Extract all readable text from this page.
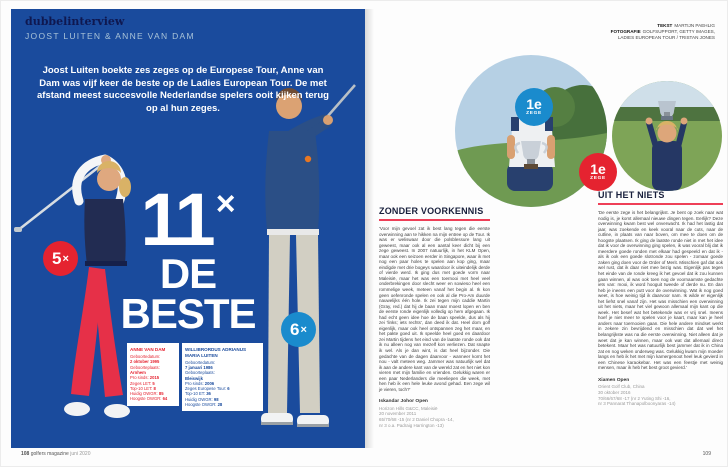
dubbelinterview
JOOST LUITEN & ANNE VAN DAM
Joost Luiten boekte zes zeges op de Europese Tour, Anne van Dam was vijf keer de beste op de Ladies European Tour. De met afstand meest succesvolle Nederlandse spelers ooit kijken terug op al hun zeges.
11×
DE
BESTE
5 ×
6 ×
ANNE VAN DAM
Geboortedatum:
2 oktober 1995
Geboorteplaats:
Arnhem
Pro sinds: 2015
Zeges LET: 5
Top-10 LET: 8
Huidig OWGR: 85
Hoogste OWGR: 64
WILLIBRORDUS ADRIANUS MARIA LUITEN
Geboortedatum:
7 januari 1986
Geboorteplaats:
Bleiswijk
Pro sinds: 2006
Zeges Europese Tour: 6
Top-10 ET: 36
Huidig OWGR: 98
Hoogste OWGR: 28
TEKST MARTIJN PAEHLIG
FOTOGRAFIE GOLFSUPPORT, GETTY IMAGES,
LADIES EUROPEAN TOUR / TRISTAN JONES
1e
ZEGE
1e
ZEGE
ZONDER VOORKENNIS
'Voor mijn gevoel zat ik best lang tegen die eerste overwinning aan te hikken na mijn entree op de Tour. Ik was er weliswaar door die polsblessure lang uit geweest, maar ook al een aantal keer dicht bij een zege geweest. In 2007 natuurlijk, in het KLM Open, maar ook een seizoen eerder in Singapore, waar ik met nog een paar holes te spelen aan kop ging, maar eindigde met drie bogeys waardoor ik uiteindelijk derde of vierde werd. Ik ging dus met goede vorm naar Maleisië, maar het was een toernooi met heel veel onderbrekingen door slecht weer en sowieso heel een rommelige week, meteen vanaf het begin al. Ik kon geen oefenronde spelen en ook al die Pro-Am duurde nauwelijks één hole. Ik zei tegen mijn caddie Martin (Gray, red.) dat hij de baan maar moest lopen en ben de eerste ronde eigenlijk volledig op hem afgegaan. Ik had echt geen idee hoe de baan speelde, dus als hij zei 'links; iets rechts', dan deed ik dat. Heel dom golf eigenlijk, maar ook heel ontspannen zeg het maar, en het pakte goed uit. Ik speelde heel goed en daardoor zei Martin tijdens het eind van de laatste ronde ook dat ik nu alleen nog van mezelf kon verliezen. Dat snapte ik wel. Als je dan wint, is dat heel bijzonder. Die gedachte van de dagen daarvoor - wanneer komt het nou - valt meteen weg. Jammer was natuurlijk wel dat ik aan de andere kant van de wereld zat en het niet kon vieren met mijn familie en vrienden. Gelukkig waren er een paar Nederlanders die meeliepen die week, met hen heb ik een hele leuke avond gehad. Een zege wil je vieren, toch?'
Iskandar Johor Open
Horizon Hills G&CC, Maleisië
20 november 2011
65/70/68 -15 (nr 2 Daniel Chopra -14,
nr 3 o.a. Padraig Harrington -13)
UIT HET NIETS
'De eerste zege is het belangrijkst. Je bent op zoek naar wat nodig is, je komt allemaal nieuwe dingen tegen. Eerlijk? Deze overwinning kwam best wel onverwacht. Ik had het lastig dat jaar, was zoekende en keek vooral naar de cuts, naar de cutline, in plaats van naar boven, om mee te doen om de hoogste plaatsen. Ik ging de laatste ronde niet in met het idee dat ik voor de overwinning ging spelen, ik was vooral blij dat ik meerdere goede ronden met elkaar had gespeeld en dat ik - als ik ook een goede slotronde zou spelen - zomaar goede zaken ging doen voor de Order of Merit. Misschien gaf dat ook wel rust, dat ik daar niet mee bezig was. Eigenlijk pas tegen het einde van de ronde kreeg ik het gevoel dat ik zou kunnen gaan winnen, al was ook toen nog de voornaamste gedachte iets van: mooi, ik word hooguit tweede of derde nu. En dan heb je ineens een putt voor de overwinning. Wat ik nog goed weet, is hoe weinig tijd ik daarvoor nam. Ik wilde er eigenlijk het liefst snel vanaf zijn. Het was misschien een overwinning uit het niets, maar het viel gewoon allemaal mijn kant op die week. Het besef wat het betekende was er vrij snel. Ineens hoef je niet meer te spelen voor je kaart, maar kan je heel anders naar toernooien gaan. Die hele andere mindset werkt in zekere zin bevrijdend en misschien dat dat wel het belangrijkste was na die eerste overwinning. Niet alleen dat je weet dat je kan winnen, maar ook wat dat allemaal direct betekent. Maar het was natuurlijk best jammer dat ik in China zat en nog weken onderweg was. Gelukkig kwam mijn moeder langs en heb ik het met mijn kamergenoot heel leuk gevierd in een Chinese karaokebar. Het was een feestje met weinig mensen, maar ik heb het best groot gevierd.'
Xiamen Open
Orient Golf Club, China
30 oktober 2016
70/66/67/68 -17 (nr 2 Yuting Shi -16,
nr 3 Pannarat Thanapolboonyaras -14)
108 golfers magazine juni 2020	109
